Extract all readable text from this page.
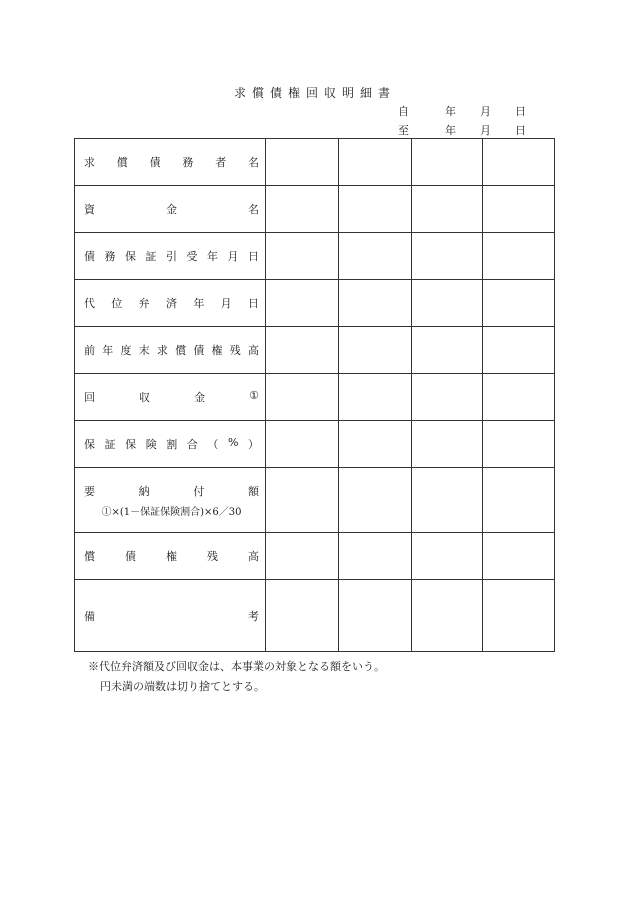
求償債権回収明細書
自	年 月 日
至	年 月 日
求 償 債 務 者 名
資	金	名
債 務 保 証 引 受 年 月 日
代 位 弁 済 年 月 日
前 年 度 末 求 償 債 権 残 高
回	収	金	①
保 証 保 険 割 合 （ % ）
要	納	付	額
①×(1－保証保険割合)×6／30
償	債	権	残	高
備	考
※代位弁済額及び回収金は、本事業の対象となる額をいう。
円未満の端数は切り捨てとする。
